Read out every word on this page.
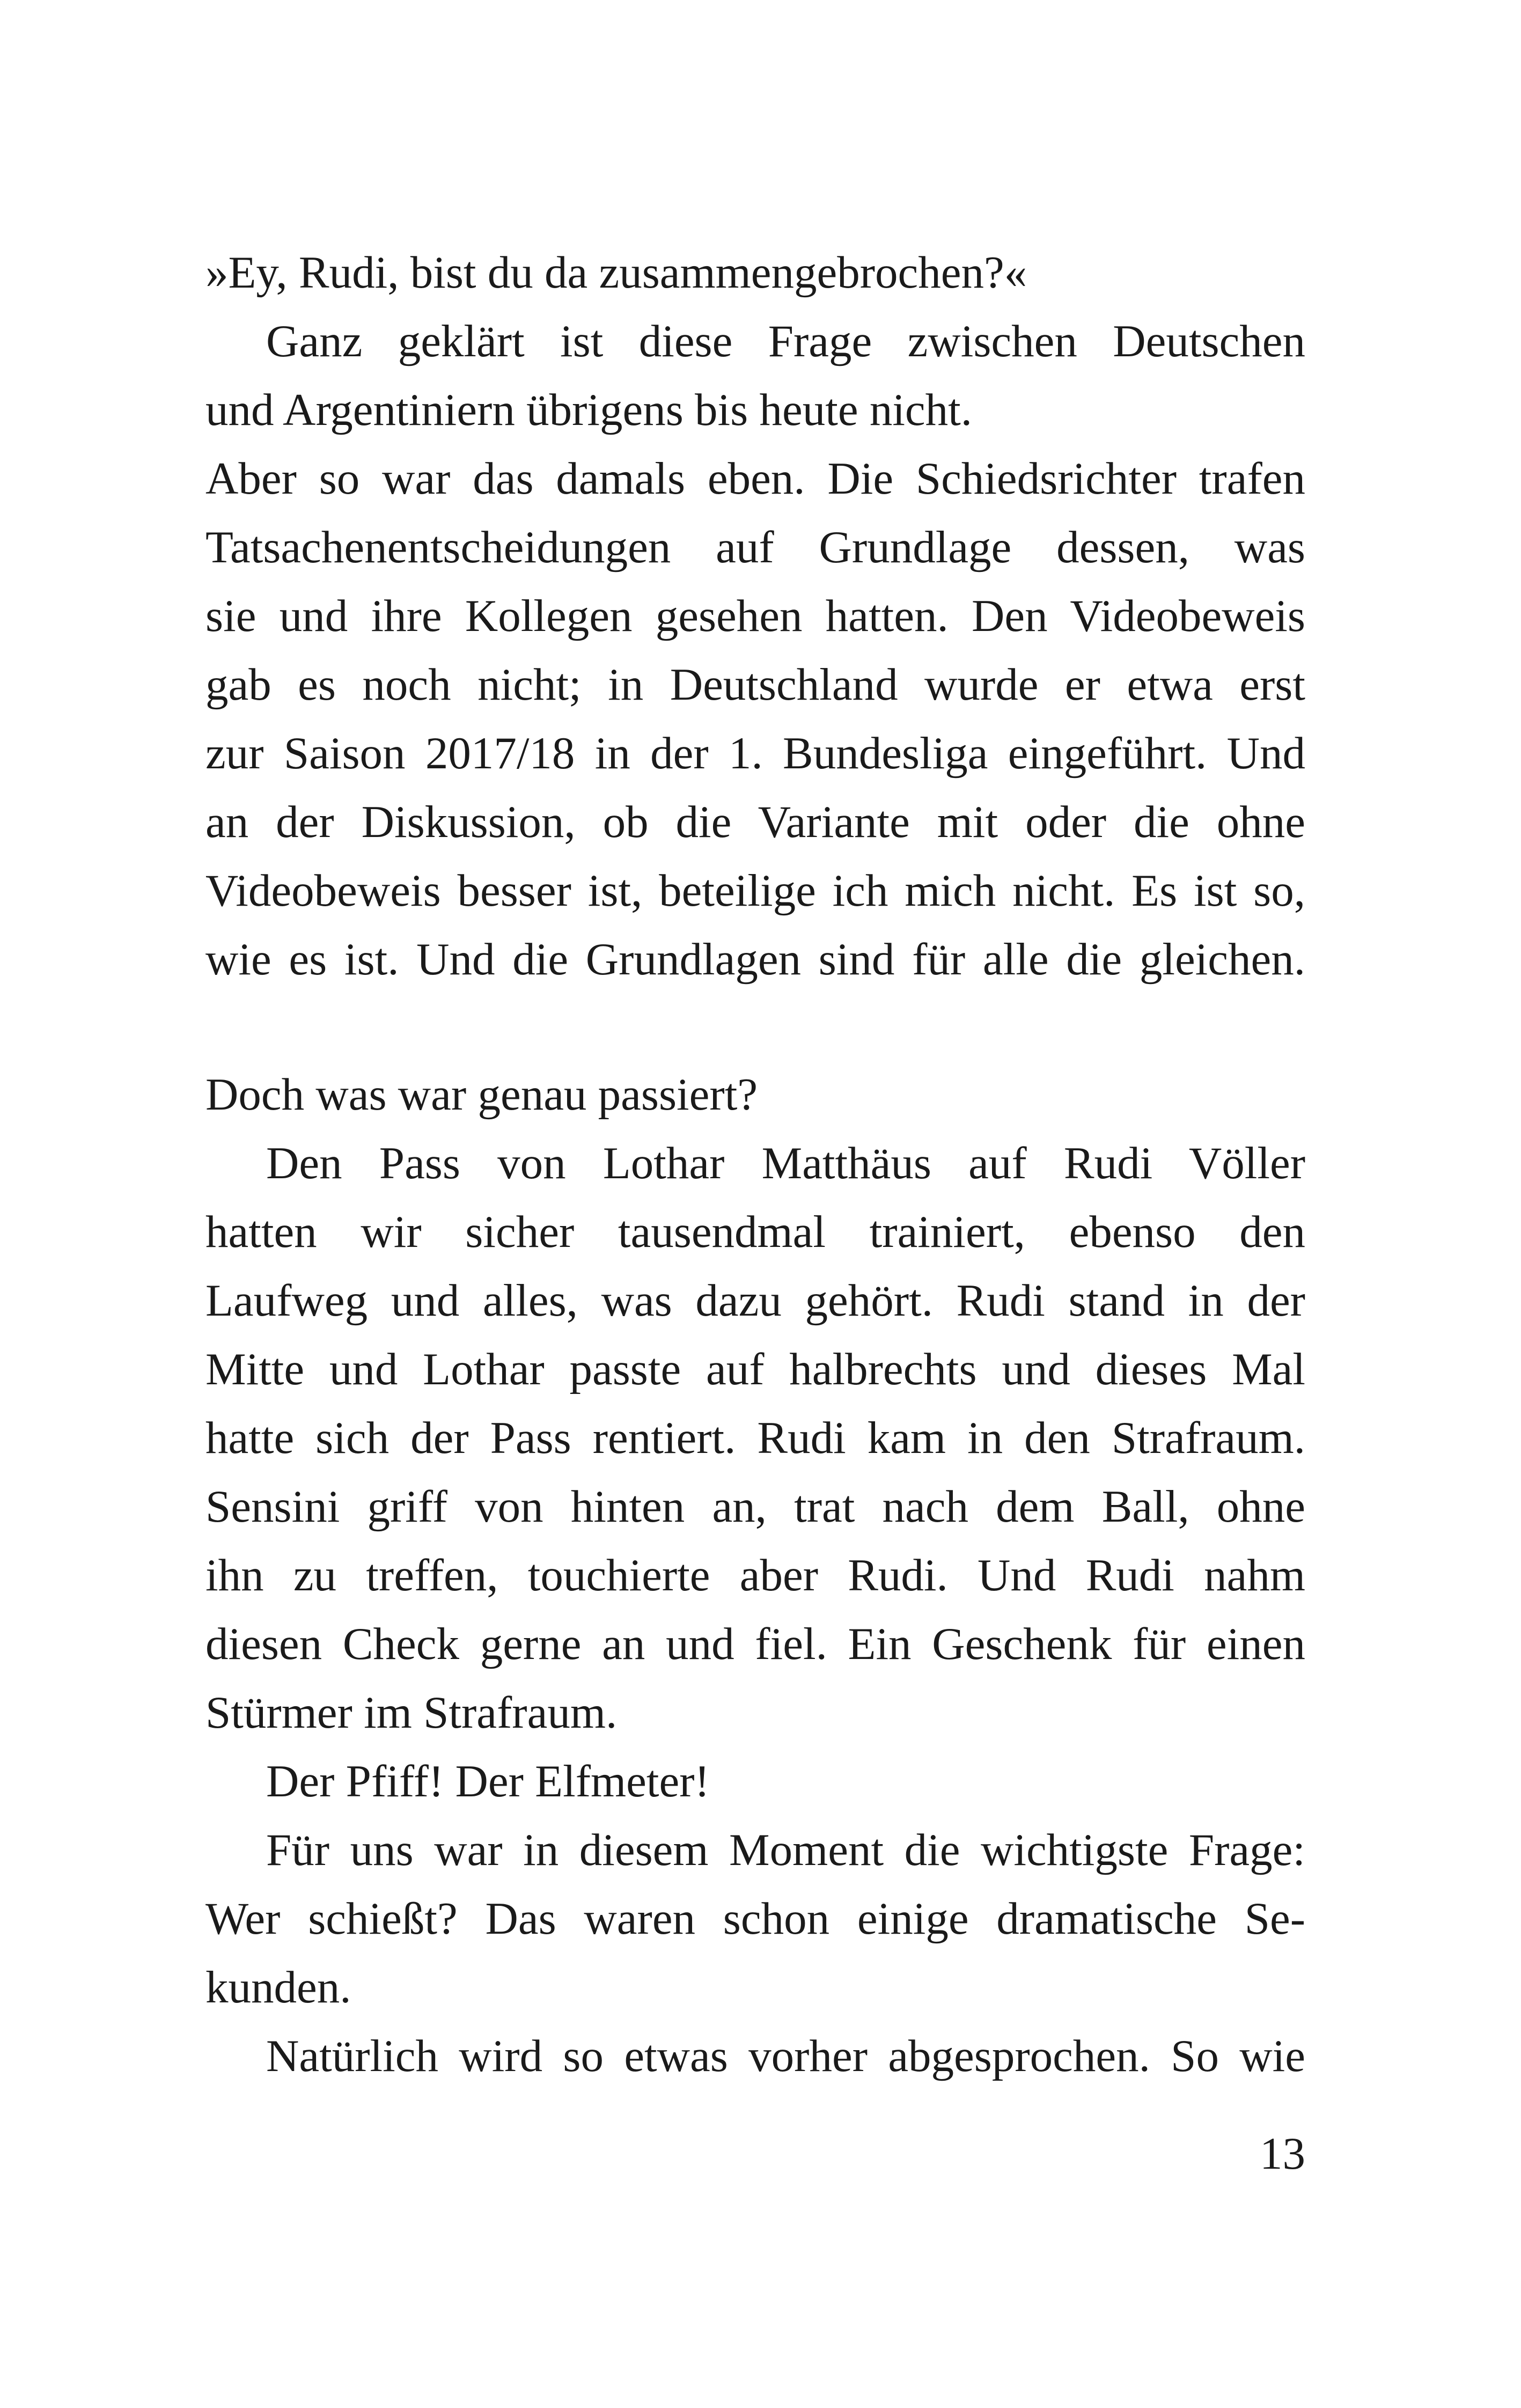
»Ey, Rudi, bist du da zusammengebrochen?«
Ganz geklärt ist diese Frage zwischen Deutschen
und Argentiniern übrigens bis heute nicht.
Aber so war das damals eben. Die Schiedsrichter trafen
Tatsachenentscheidungen auf Grundlage dessen, was
sie und ihre Kollegen gesehen hatten. Den Videobeweis
gab es noch nicht; in Deutschland wurde er etwa erst
zur Saison 2017/18 in der 1. Bundesliga eingeführt. Und
an der Diskussion, ob die Variante mit oder die ohne
Videobeweis besser ist, beteilige ich mich nicht. Es ist so,
wie es ist. Und die Grundlagen sind für alle die gleichen.
Doch was war genau passiert?
Den Pass von Lothar Matthäus auf Rudi Völler
hatten wir sicher tausendmal trainiert, ebenso den
Laufweg und alles, was dazu gehört. Rudi stand in der
Mitte und Lothar passte auf halbrechts und dieses Mal
hatte sich der Pass rentiert. Rudi kam in den Strafraum.
Sensini griff von hinten an, trat nach dem Ball, ohne
ihn zu treffen, touchierte aber Rudi. Und Rudi nahm
diesen Check gerne an und fiel. Ein Geschenk für einen
Stürmer im Strafraum.
Der Pfiff! Der Elfmeter!
Für uns war in diesem Moment die wichtigste Frage:
Wer schießt? Das waren schon einige dramatische Se-
kunden.
Natürlich wird so etwas vorher abgesprochen. So wie
13
